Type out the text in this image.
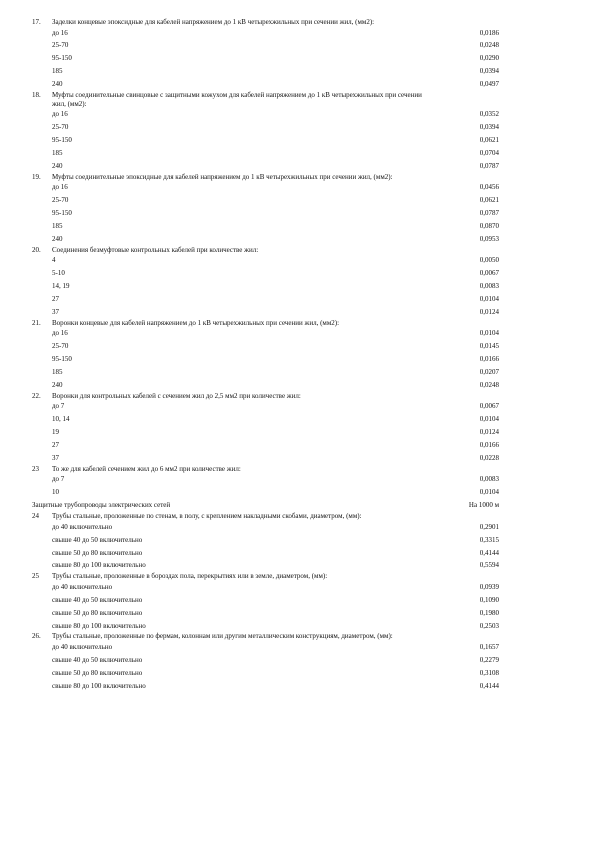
17. Заделки концевые эпоксидные для кабелей напряжением до 1 кВ четырехжильных при сечении жил, (мм2):
до 16	0,0186
25-70	0,0248
95-150	0,0290
185	0,0394
240	0,0497
18. Муфты соединительные свинцовые с защитными кожухом для кабелей напряжением до 1 кВ четырехжильных при сечении жил, (мм2):
до 16	0,0352
25-70	0,0394
95-150	0,0621
185	0,0704
240	0,0787
19. Муфты соединительные эпоксидные для кабелей напряжением до 1 кВ четырехжильных при сечении жил, (мм2):
до 16	0,0456
25-70	0,0621
95-150	0,0787
185	0,0870
240	0,0953
20. Соединения безмуфтовые контрольных кабелей при количестве жил:
4	0,0050
5-10	0,0067
14, 19	0,0083
27	0,0104
37	0,0124
21. Воронки концевые для кабелей напряжением до 1 кВ четырехжильных при сечении жил, (мм2):
до 16	0,0104
25-70	0,0145
95-150	0,0166
185	0,0207
240	0,0248
22. Воронки для контрольных кабелей с сечением жил до 2,5 мм2 при количестве жил:
до 7	0,0067
10, 14	0,0104
19	0,0124
27	0,0166
37	0,0228
23 То же для кабелей сечением жил до 6 мм2 при количестве жил:
до 7	0,0083
10	0,0104
Защитные трубопроводы электрических сетей	На 1000 м
24 Трубы стальные, проложенные по стенам, в полу, с креплением накладными скобами, диаметром, (мм):
до 40 включительно	0,2901
свыше 40 до 50 включительно	0,3315
свыше 50 до 80 включительно	0,4144
свыше 80 до 100 включительно	0,5594
25 Трубы стальные, проложенные в бороздах пола, перекрытиях или в земле, диаметром, (мм):
до 40 включительно	0,0939
свыше 40 до 50 включительно	0,1090
свыше 50 до 80 включительно	0,1980
свыше 80 до 100 включительно	0,2503
26. Трубы стальные, проложенные по фермам, колоннам или другим металлическим конструкциям, диаметром, (мм):
до 40 включительно	0,1657
свыше 40 до 50 включительно	0,2279
свыше 50 до 80 включительно	0,3108
свыше 80 до 100 включительно	0,4144
